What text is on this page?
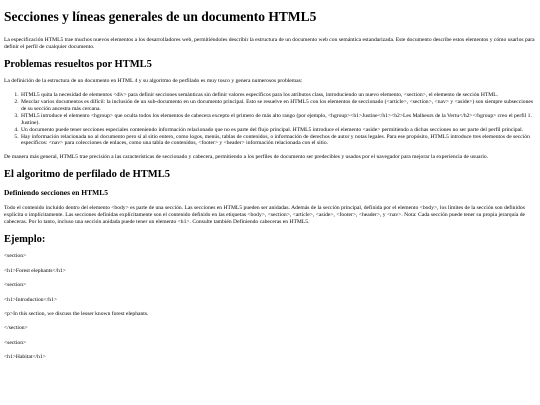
Secciones y líneas generales de un documento HTML5

La especificación HTML5 trae muchos nuevos elementos a los desarrolladores web, permitiéndoles describir la estructura de un documento web con semántica estandarizada. Este documento describe estos elementos y cómo usarlos para definir el perfil de cualquier documento.

Problemas resueltos por HTML5

La definición de la estructura de un documento en HTML 4 y su algoritmo de perfilado es muy tosco y genera numerosos problemas:

1. HTML5 quita la necesidad de elementos <div> para definir secciones semánticas sin definir valores específicos para los atributos class, introduciendo un nuevo elemento, <section>, el elemento de sección HTML.
2. Mezclar varios documentos es difícil: la inclusión de un sub-documento en un documento principal. Esto se resuelve en HTML5 con los elementos de seccionado (<article>, <section>, <nav> y <aside>) son siempre subsecciones de su sección ancestra más cercana.
3. HTML5 introduce el elemento <hgroup> que oculta todos los elementos de cabecera excepto el primero de más alto rango (por ejemplo, <hgroup><h1>Justine</h1><h2>Les Malheurs de la Vertu</h2></hgroup> creo el perfil 1. Justine).
4. Un documento puede tener secciones especiales conteniendo información relacionado que no es parte del flujo principal. HTML5 introduce el elemento <aside> permitiendo a dichas secciones no ser parte del perfil principal.
5. Hay información relacionada no al documento pero sí al sitio entero, como logos, menús, tablas de contenidos, o información de derechos de autor y notas legales. Para ese propósito, HTML5 introduce tres elementos de sección específicos: <nav> para colecciones de enlaces, como una tabla de contenidos, <footer> y <header> información relacionada con el sitio.

De manera más general, HTML5 trae precisión a las características de seccionado y cabecera, permitiendo a los perfiles de documento ser predecibles y usados por el navegador para mejorar la experiencia de usuario.

El algoritmo de perfilado de HTML5
Definiendo secciones en HTML5

Todo el contenido incluido dentro del elemento <body> es parte de una sección. Las secciones en HTML5 pueden ser anidadas. Además de la sección principal, definida por el elemento <body>, los límites de la sección son definidos explícita o implícitamente. Las secciones definidas explícitamente son el contenido definido en las etiquetas <body>, <section>, <article>, <aside>, <footer>, <header>, y <nav>. Nota: Cada sección puede tener su propia jerarquía de cabeceras. Por lo tanto, incluso una sección anidada puede tener un elemento <h1>. Consulte también Definiendo cabeceras en HTML5.

Ejemplo:
<section>
<h1>Forest elephants</h1>
<section>
<h1>Introduction</h1>
<p>In this section, we discuss the lesser known forest elephants.
</section>
<section>
<h1>Habitat</h1>
